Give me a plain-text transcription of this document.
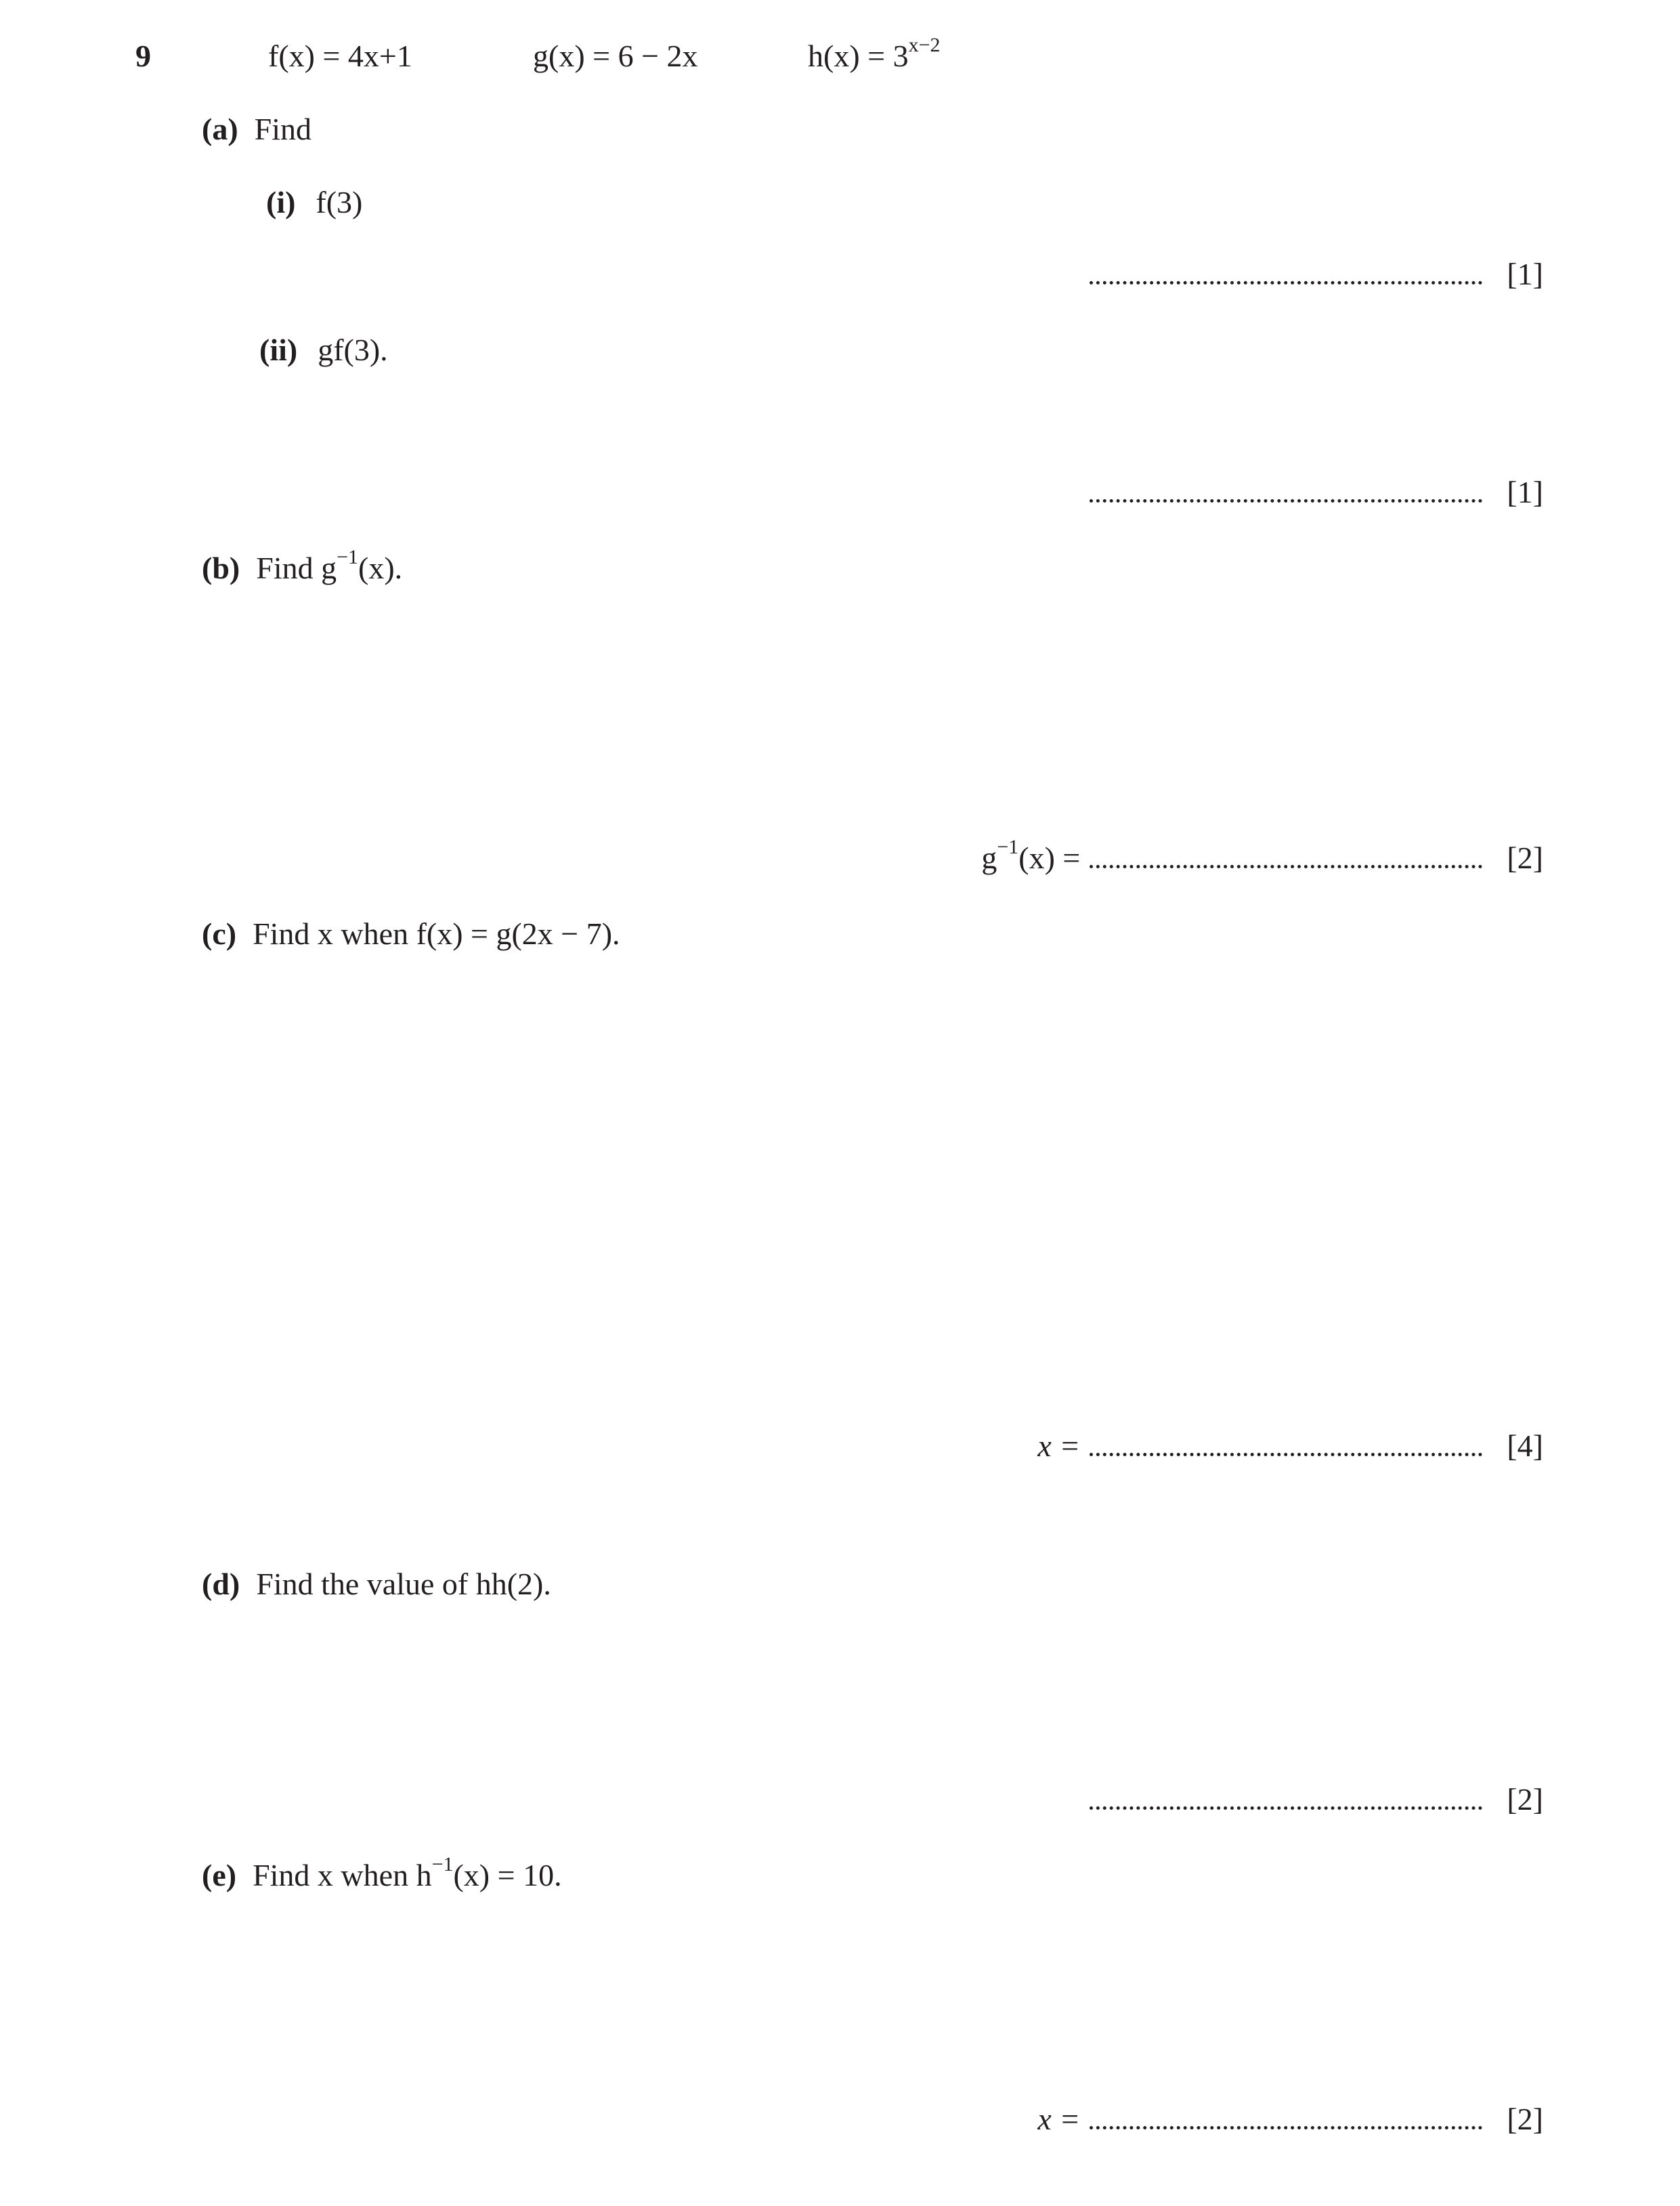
9	f(x) = 4x+1	g(x) = 6 − 2x	$h(x) = 3^{x-2}$
(a) Find
(i) f(3)
[1]
(ii) gf(3).
[1]
(b) Find $g^{-1}(x)$.
$g^{-1}(x)$ =	[2]
(c) Find x when f(x) = g(2x − 7).
x =	[4]
(d) Find the value of hh(2).
[2]
(e) Find x when $h^{-1}(x) = 10$.
x =	[2]
